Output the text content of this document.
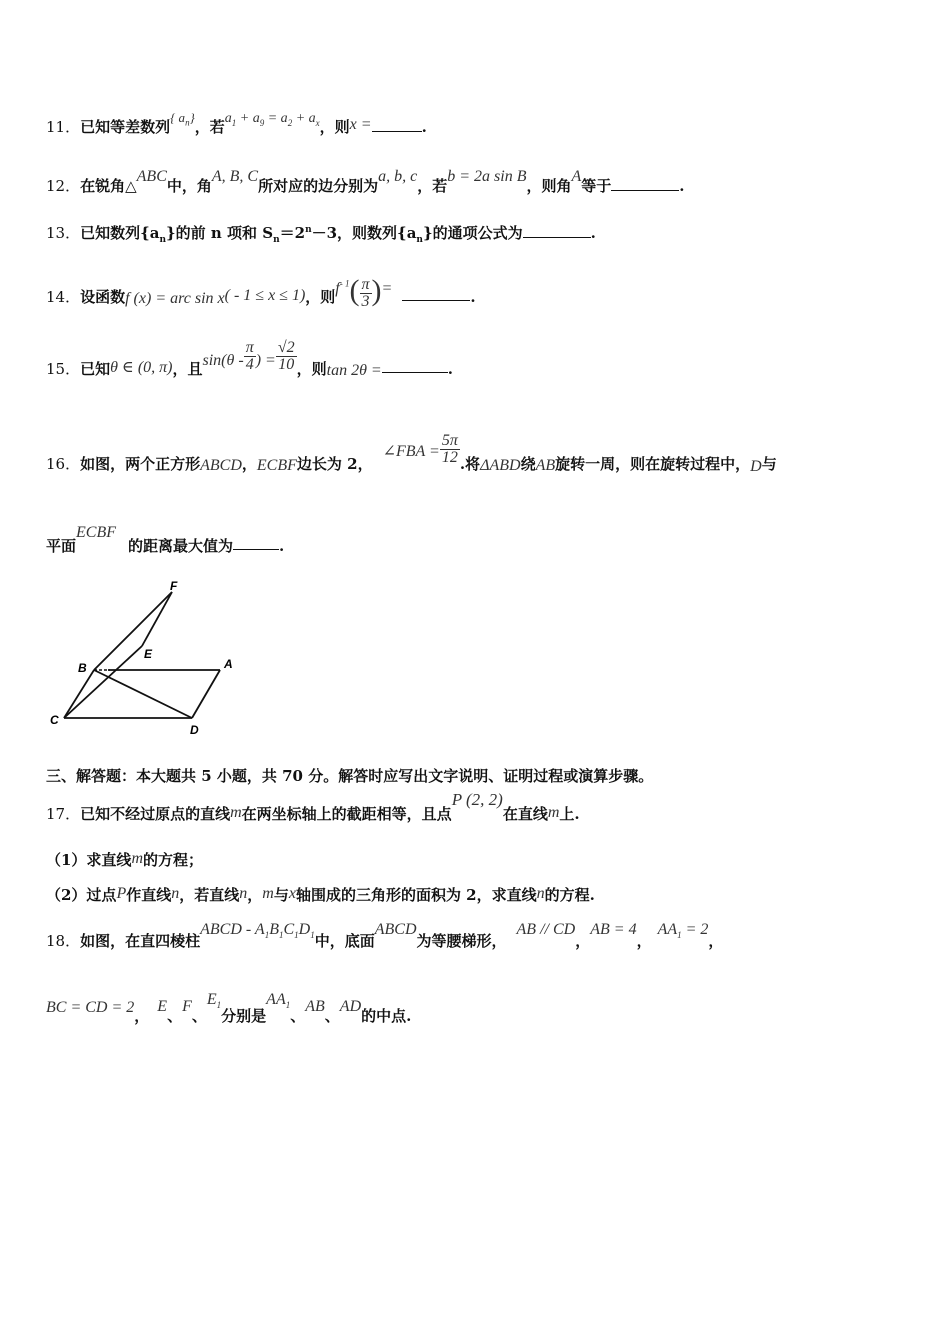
11．已知等差数列{ $a_n$}，若$a_1 + a_9 = a_2 + a_x$，则x =	.
12．在锐角△ABC中，角A, B, C所对应的边分别为a, b, c，若b = 2a sin B，则角A等于	.
13．已知数列$\{a_n\}$的前 n 项和 $S_n=2^n-3$，则数列$\{a_n\}$的通项公式为	.
14．设函数f (x) = arc sin x( - 1 ≤ x ≤ 1)，则$f^{- 1}( \frac{\pi}{3}$ )=	.
15．已知θ ∈ (0, π)，且$\sin(\theta - \frac{\pi}{4}$ ) = $\frac{√2}{10}$ ，则tan 2θ =	.
16．如图，两个正方形ABCD，ECBF边长为 2，∠FBA = $\frac{5\pi}{12}$ .将ΔABD绕AB旋转一周，则在旋转过程中，D与
平面ECBF的距离最大值为	.
F
E
B	A
C
D
三、解答题：本大题共 5 小题，共 70 分。解答时应写出文字说明、证明过程或演算步骤。
17．已知不经过原点的直线m在两坐标轴上的截距相等，且点P (2, 2)在直线m上.
（1）求直线m的方程；
（2）过点P作直线n，若直线n，m与x轴围成的三角形的面积为 2，求直线n的方程.
18．如图，在直四棱柱ABCD - $A_1B_1C_1D_1$中，底面ABCD为等腰梯形，AB // CD，AB = 4，$AA_1 = 2$，
BC = CD = 2，E、F、$E_1$分别是$AA_1$、AB、AD的中点.
